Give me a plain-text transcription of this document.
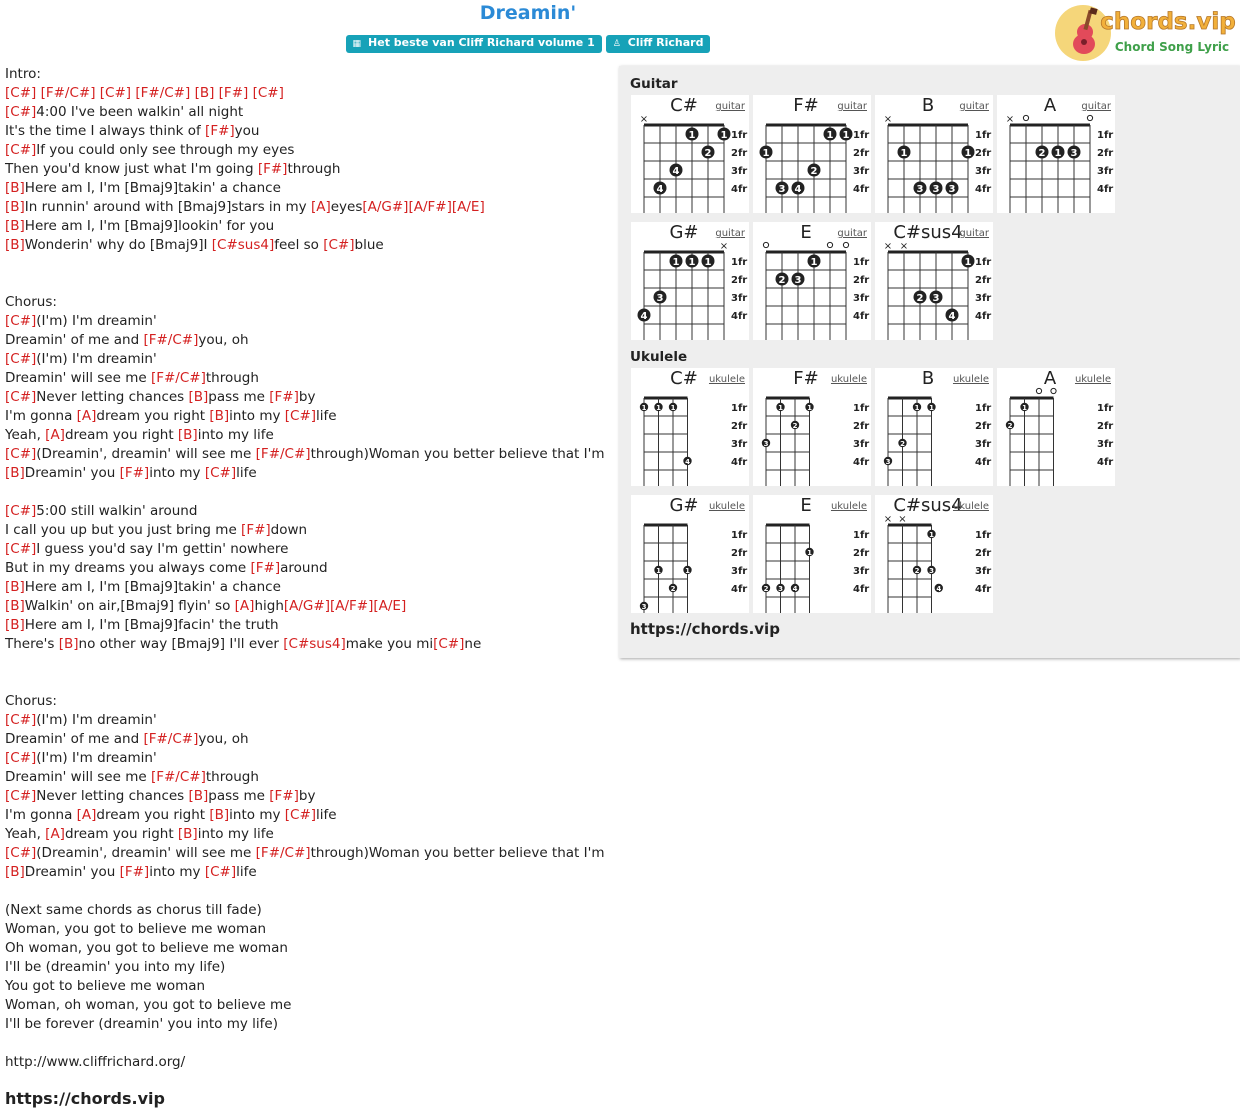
Dreamin'
▦ Het beste van Cliff Richard volume 1 ♙ Cliff Richard
chords.vip
Chord Song Lyric
Intro:
[C#] [F#/C#] [C#] [F#/C#] [B] [F#] [C#]
[C#]4:00 I've been walkin' all night
It's the time I always think of [F#]you
[C#]If you could only see through my eyes
Then you'd know just what I'm going [F#]through
[B]Here am I, I'm [Bmaj9]takin' a chance
[B]In runnin' around with [Bmaj9]stars in my [A]eyes[A/G#][A/F#][A/E]
[B]Here am I, I'm [Bmaj9]lookin' for you
[B]Wonderin' why do [Bmaj9]I [C#sus4]feel so [C#]blue
Chorus:
[C#](I'm) I'm dreamin'
Dreamin' of me and [F#/C#]you, oh
[C#](I'm) I'm dreamin'
Dreamin' will see me [F#/C#]through
[C#]Never letting chances [B]pass me [F#]by
I'm gonna [A]dream you right [B]into my [C#]life
Yeah, [A]dream you right [B]into my life
[C#](Dreamin', dreamin' will see me [F#/C#]through)Woman you better believe that I'm
[B]Dreamin' you [F#]into my [C#]life
[C#]5:00 still walkin' around
I call you up but you just bring me [F#]down
[C#]I guess you'd say I'm gettin' nowhere
But in my dreams you always come [F#]around
[B]Here am I, I'm [Bmaj9]takin' a chance
[B]Walkin' on air,[Bmaj9] flyin' so [A]high[A/G#][A/F#][A/E]
[B]Here am I, I'm [Bmaj9]facin' the truth
There's [B]no other way [Bmaj9] I'll ever [C#sus4]make you mi[C#]ne
Chorus:
[C#](I'm) I'm dreamin'
Dreamin' of me and [F#/C#]you, oh
[C#](I'm) I'm dreamin'
Dreamin' will see me [F#/C#]through
[C#]Never letting chances [B]pass me [F#]by
I'm gonna [A]dream you right [B]into my [C#]life
Yeah, [A]dream you right [B]into my life
[C#](Dreamin', dreamin' will see me [F#/C#]through)Woman you better believe that I'm
[B]Dreamin' you [F#]into my [C#]life
(Next same chords as chorus till fade)
Woman, you got to believe me woman
Oh woman, you got to believe me woman
I'll be (dreamin' you into my life)
You got to believe me woman
Woman, oh woman, you got to believe me
I'll be forever (dreamin' you into my life)
http://www.cliffrichard.org/
Guitar
C#	guitar
1fr
2fr
3fr
4fr
×
1	1
2
4
4
F#	guitar
1fr
2fr
3fr
4fr
1
1 1
2
3 4
B	guitar
1fr
2fr
3fr
4fr
×
1	1
3 3 3
A	guitar
1fr
2fr
3fr
4fr
×
2 1 3
G#	guitar
1fr
2fr
3fr
4fr
×
1 1 1
3
4
E	guitar
1fr
2fr
3fr
4fr
1
2 3
C#sus4
guitar
1fr
2fr
3fr
4fr
× ×
1
2 3
4
Ukulele
C#	ukulele
1fr
2fr
3fr
4fr
1 1 1
4
F#	ukulele
1fr
2fr
3fr
4fr
1	1
2
3
B	ukulele
1fr
2fr
3fr
4fr
1 1
2
3
A	ukulele
1fr
2fr
3fr
4fr
1
2
G#	ukulele
1fr
2fr
3fr
4fr
1	1
2
3
E	ukulele
1fr
2fr
3fr
4fr
1
2 3 4
C#sus4
ukulele
1fr
2fr
3fr
4fr
× ×
1
2 3
4
https://chords.vip
https://chords.vip
